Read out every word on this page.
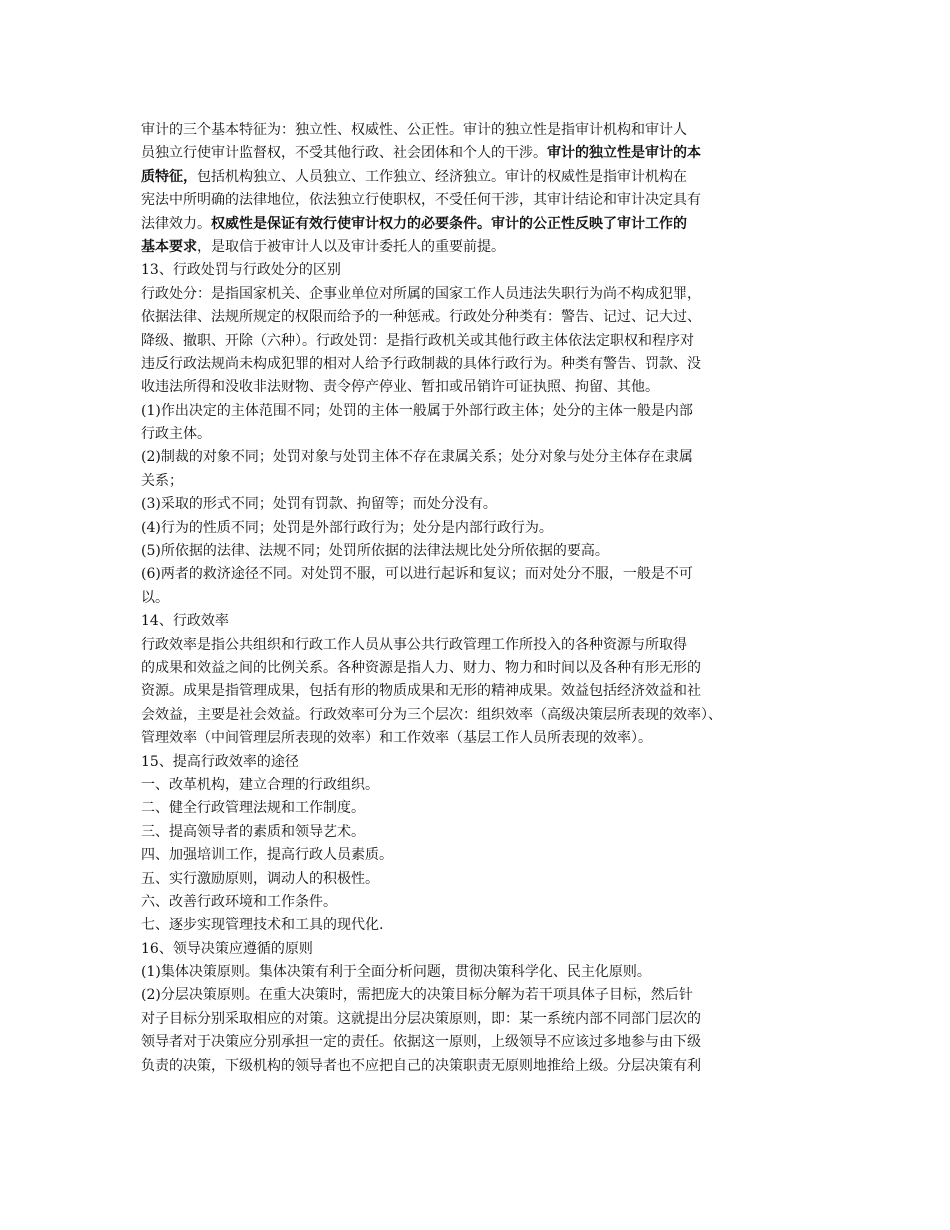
审计的三个基本特征为：独立性、权威性、公正性。审计的独立性是指审计机构和审计人
员独立行使审计监督权，不受其他行政、社会团体和个人的干涉。审计的独立性是审计的本
质特征，包括机构独立、人员独立、工作独立、经济独立。审计的权威性是指审计机构在
宪法中所明确的法律地位，依法独立行使职权，不受任何干涉，其审计结论和审计决定具有
法律效力。权威性是保证有效行使审计权力的必要条件。审计的公正性反映了审计工作的
基本要求，是取信于被审计人以及审计委托人的重要前提。
13、行政处罚与行政处分的区别
行政处分：是指国家机关、企事业单位对所属的国家工作人员违法失职行为尚不构成犯罪，
依据法律、法规所规定的权限而给予的一种惩戒。行政处分种类有：警告、记过、记大过、
降级、撤职、开除（六种）。行政处罚：是指行政机关或其他行政主体依法定职权和程序对
违反行政法规尚未构成犯罪的相对人给予行政制裁的具体行政行为。种类有警告、罚款、没
收违法所得和没收非法财物、责令停产停业、暂扣或吊销许可证执照、拘留、其他。
(1)作出决定的主体范围不同；处罚的主体一般属于外部行政主体；处分的主体一般是内部
行政主体。
(2)制裁的对象不同；处罚对象与处罚主体不存在隶属关系；处分对象与处分主体存在隶属
关系；
(3)采取的形式不同；处罚有罚款、拘留等；而处分没有。
(4)行为的性质不同；处罚是外部行政行为；处分是内部行政行为。
(5)所依据的法律、法规不同；处罚所依据的法律法规比处分所依据的要高。
(6)两者的救济途径不同。对处罚不服，可以进行起诉和复议；而对处分不服，一般是不可
以。
14、行政效率
行政效率是指公共组织和行政工作人员从事公共行政管理工作所投入的各种资源与所取得
的成果和效益之间的比例关系。各种资源是指人力、财力、物力和时间以及各种有形无形的
资源。成果是指管理成果，包括有形的物质成果和无形的精神成果。效益包括经济效益和社
会效益，主要是社会效益。行政效率可分为三个层次：组织效率（高级决策层所表现的效率）、
管理效率（中间管理层所表现的效率）和工作效率（基层工作人员所表现的效率）。
15、提高行政效率的途径
一、改革机构，建立合理的行政组织。
二、健全行政管理法规和工作制度。
三、提高领导者的素质和领导艺术。
四、加强培训工作，提高行政人员素质。
五、实行激励原则，调动人的积极性。
六、改善行政环境和工作条件。
七、逐步实现管理技术和工具的现代化.
16、领导决策应遵循的原则
(1)集体决策原则。集体决策有利于全面分析问题，贯彻决策科学化、民主化原则。
(2)分层决策原则。在重大决策时，需把庞大的决策目标分解为若干项具体子目标，然后针
对子目标分别采取相应的对策。这就提出分层决策原则，即：某一系统内部不同部门层次的
领导者对于决策应分别承担一定的责任。依据这一原则，上级领导不应该过多地参与由下级
负责的决策，下级机构的领导者也不应把自己的决策职责无原则地推给上级。分层决策有利
